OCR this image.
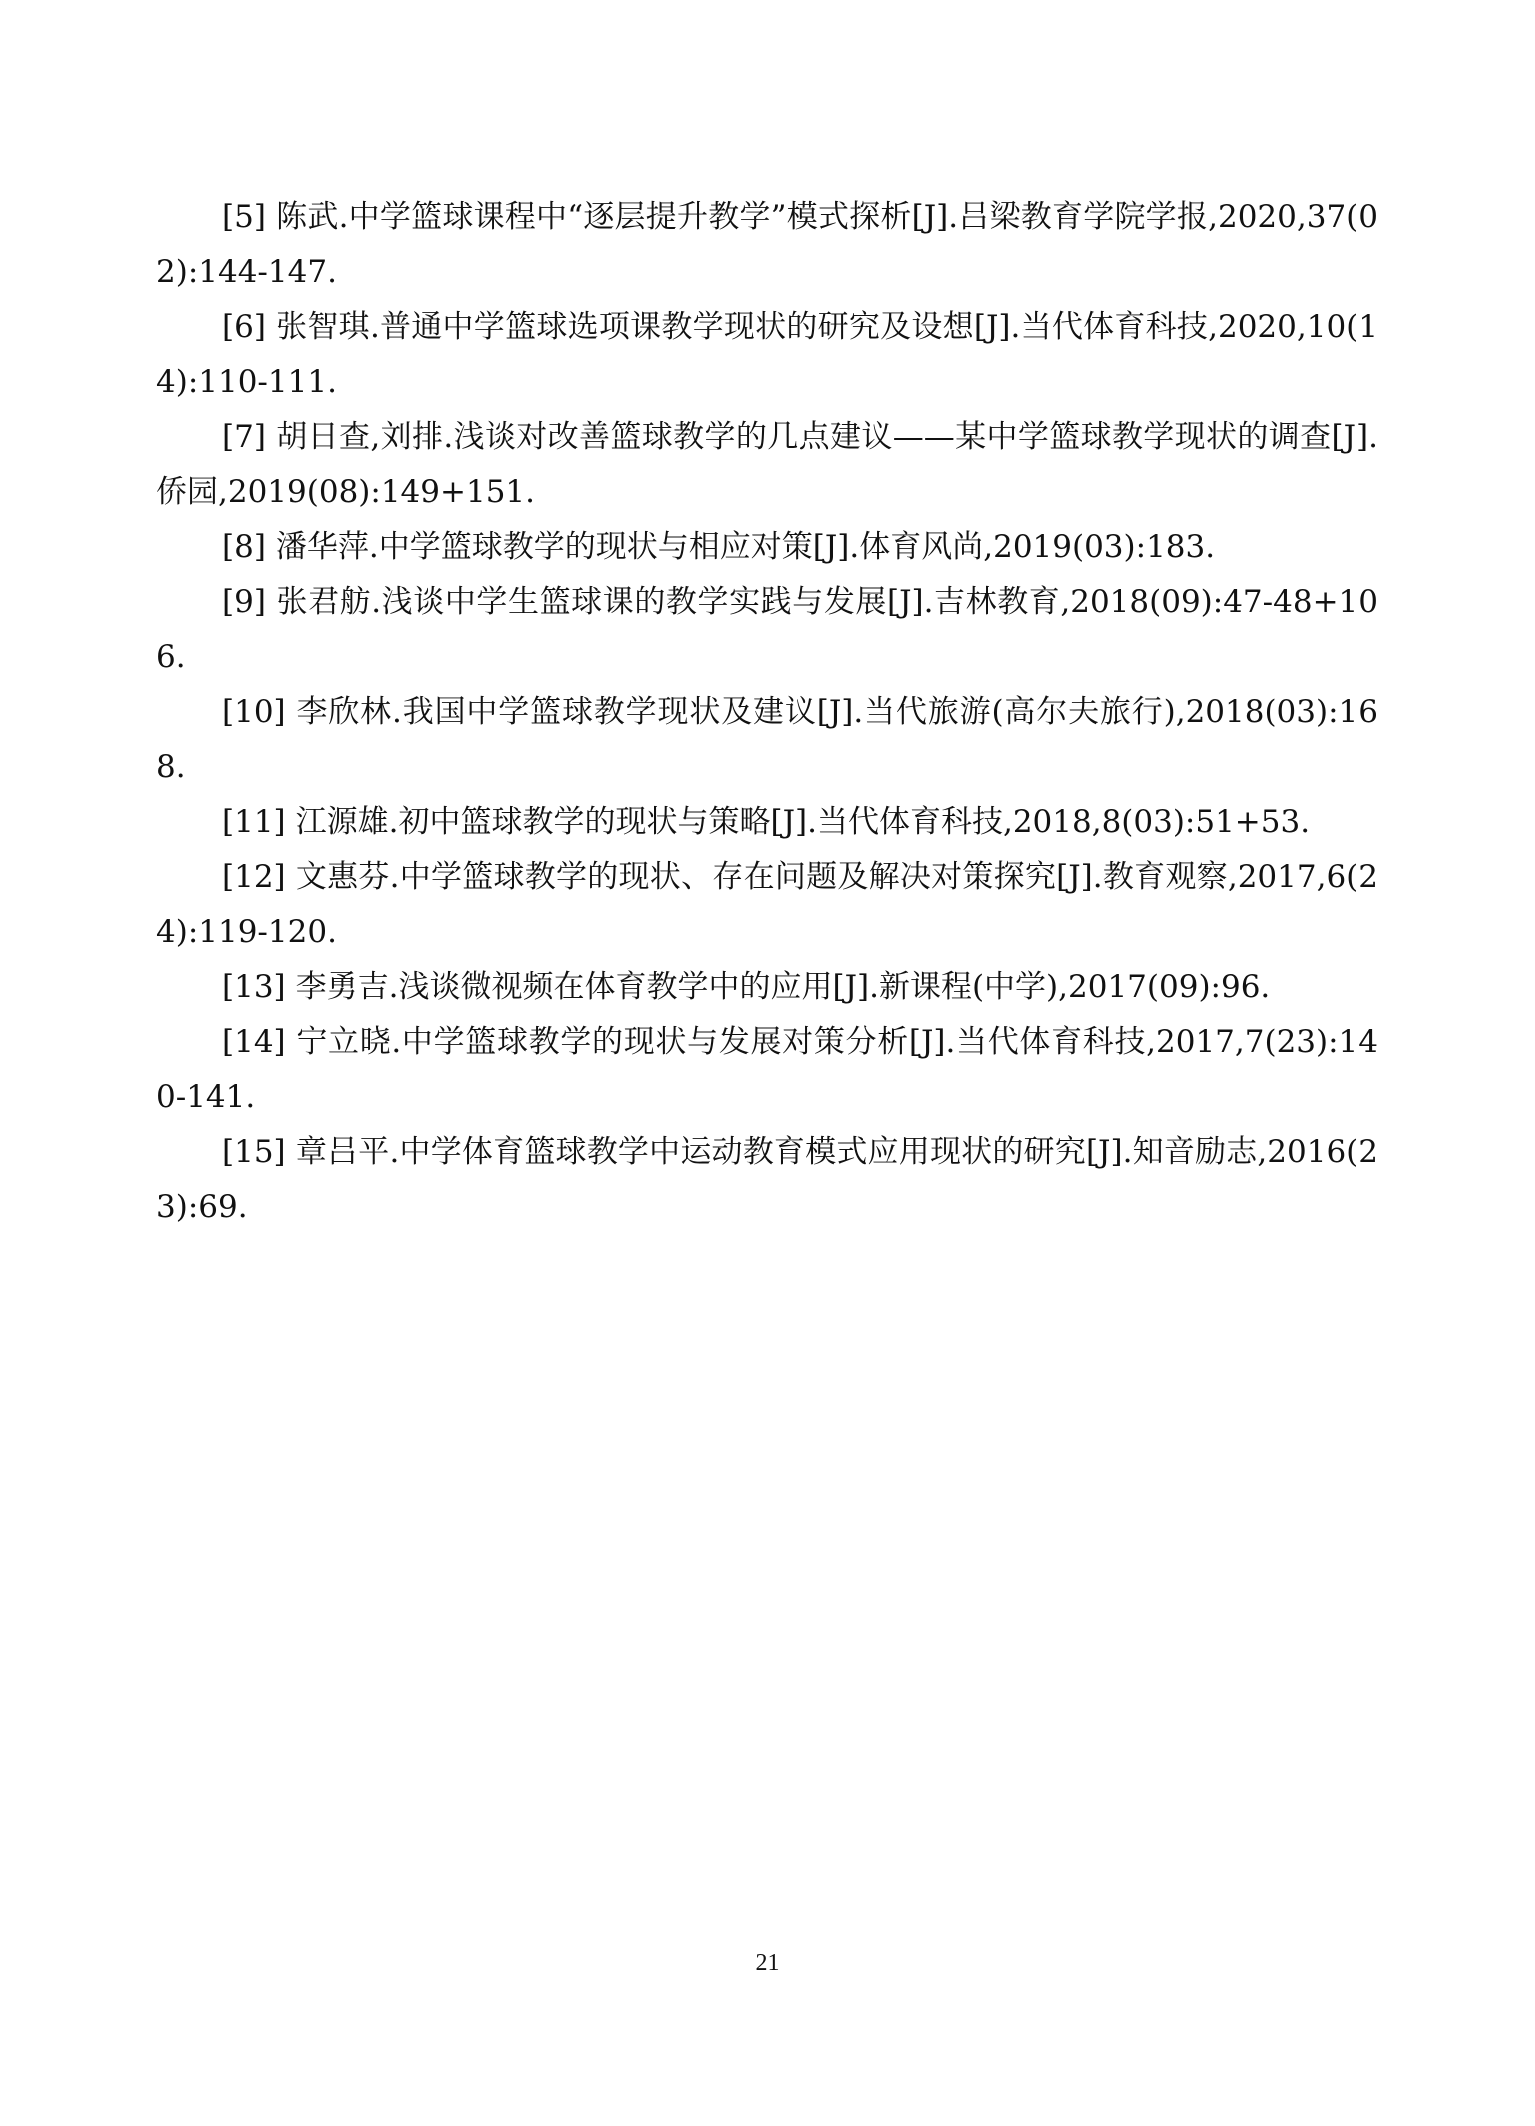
[5] 陈武.中学篮球课程中“逐层提升教学”模式探析[J].吕梁教育学院学报,2020,37(02):144-147.

[6] 张智琪.普通中学篮球选项课教学现状的研究及设想[J].当代体育科技,2020,10(14):110-111.

[7] 胡日查,刘排.浅谈对改善篮球教学的几点建议——某中学篮球教学现状的调查[J].侨园,2019(08):149+151.

[8] 潘华萍.中学篮球教学的现状与相应对策[J].体育风尚,2019(03):183.

[9] 张君舫.浅谈中学生篮球课的教学实践与发展[J].吉林教育,2018(09):47-48+106.

[10] 李欣林.我国中学篮球教学现状及建议[J].当代旅游(高尔夫旅行),2018(03):168.

[11] 江源雄.初中篮球教学的现状与策略[J].当代体育科技,2018,8(03):51+53.

[12] 文惠芬.中学篮球教学的现状、存在问题及解决对策探究[J].教育观察,2017,6(24):119-120.

[13] 李勇吉.浅谈微视频在体育教学中的应用[J].新课程(中学),2017(09):96.

[14] 宁立晓.中学篮球教学的现状与发展对策分析[J].当代体育科技,2017,7(23):140-141.

[15] 章吕平.中学体育篮球教学中运动教育模式应用现状的研究[J].知音励志,2016(23):69.

21
